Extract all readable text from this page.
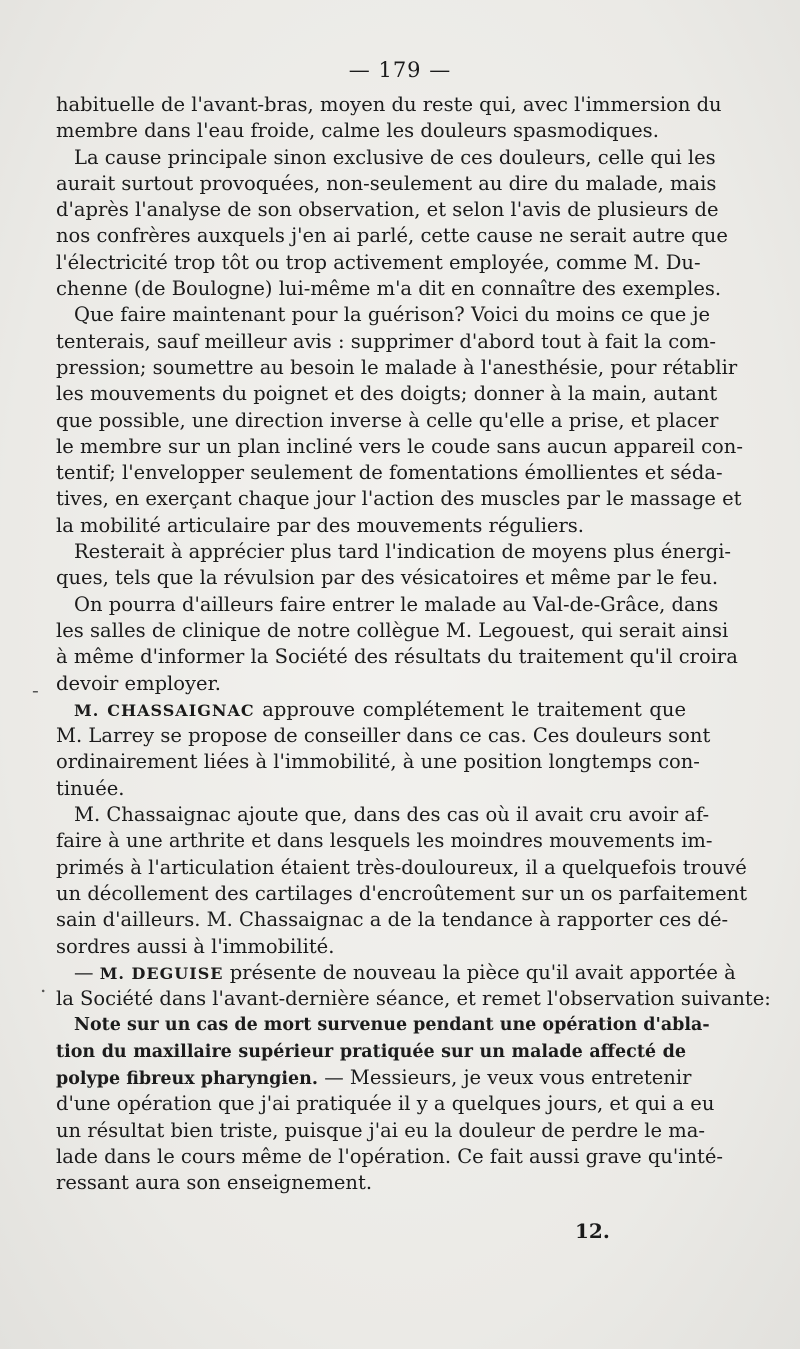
— 179 —
habituelle de l'avant-bras, moyen du reste qui, avec l'immersion du
membre dans l'eau froide, calme les douleurs spasmodiques.
La cause principale sinon exclusive de ces douleurs, celle qui les
aurait surtout provoquées, non-seulement au dire du malade, mais
d'après l'analyse de son observation, et selon l'avis de plusieurs de
nos confrères auxquels j'en ai parlé, cette cause ne serait autre que
l'électricité trop tôt ou trop activement employée, comme M. Du-
chenne (de Boulogne) lui-même m'a dit en connaître des exemples.
Que faire maintenant pour la guérison? Voici du moins ce que je
tenterais, sauf meilleur avis : supprimer d'abord tout à fait la com-
pression; soumettre au besoin le malade à l'anesthésie, pour rétablir
les mouvements du poignet et des doigts; donner à la main, autant
que possible, une direction inverse à celle qu'elle a prise, et placer
le membre sur un plan incliné vers le coude sans aucun appareil con-
tentif; l'envelopper seulement de fomentations émollientes et séda-
tives, en exerçant chaque jour l'action des muscles par le massage et
la mobilité articulaire par des mouvements réguliers.
Resterait à apprécier plus tard l'indication de moyens plus énergi-
ques, tels que la révulsion par des vésicatoires et même par le feu.
On pourra d'ailleurs faire entrer le malade au Val-de-Grâce, dans
les salles de clinique de notre collègue M. Legouest, qui serait ainsi
à même d'informer la Société des résultats du traitement qu'il croira
devoir employer.
M. CHASSAIGNAC approuve complétement le traitement que
M. Larrey se propose de conseiller dans ce cas. Ces douleurs sont
ordinairement liées à l'immobilité, à une position longtemps con-
tinuée.
M. Chassaignac ajoute que, dans des cas où il avait cru avoir af-
faire à une arthrite et dans lesquels les moindres mouvements im-
primés à l'articulation étaient très-douloureux, il a quelquefois trouvé
un décollement des cartilages d'encroûtement sur un os parfaitement
sain d'ailleurs. M. Chassaignac a de la tendance à rapporter ces dé-
sordres aussi à l'immobilité.
— M. DEGUISE présente de nouveau la pièce qu'il avait apportée à
la Société dans l'avant-dernière séance, et remet l'observation suivante:
Note sur un cas de mort survenue pendant une opération d'abla-
tion du maxillaire supérieur pratiquée sur un malade affecté de
polype fibreux pharyngien. — Messieurs, je veux vous entretenir
d'une opération que j'ai pratiquée il y a quelques jours, et qui a eu
un résultat bien triste, puisque j'ai eu la douleur de perdre le ma-
lade dans le cours même de l'opération. Ce fait aussi grave qu'inté-
ressant aura son enseignement.
12.
-
.
